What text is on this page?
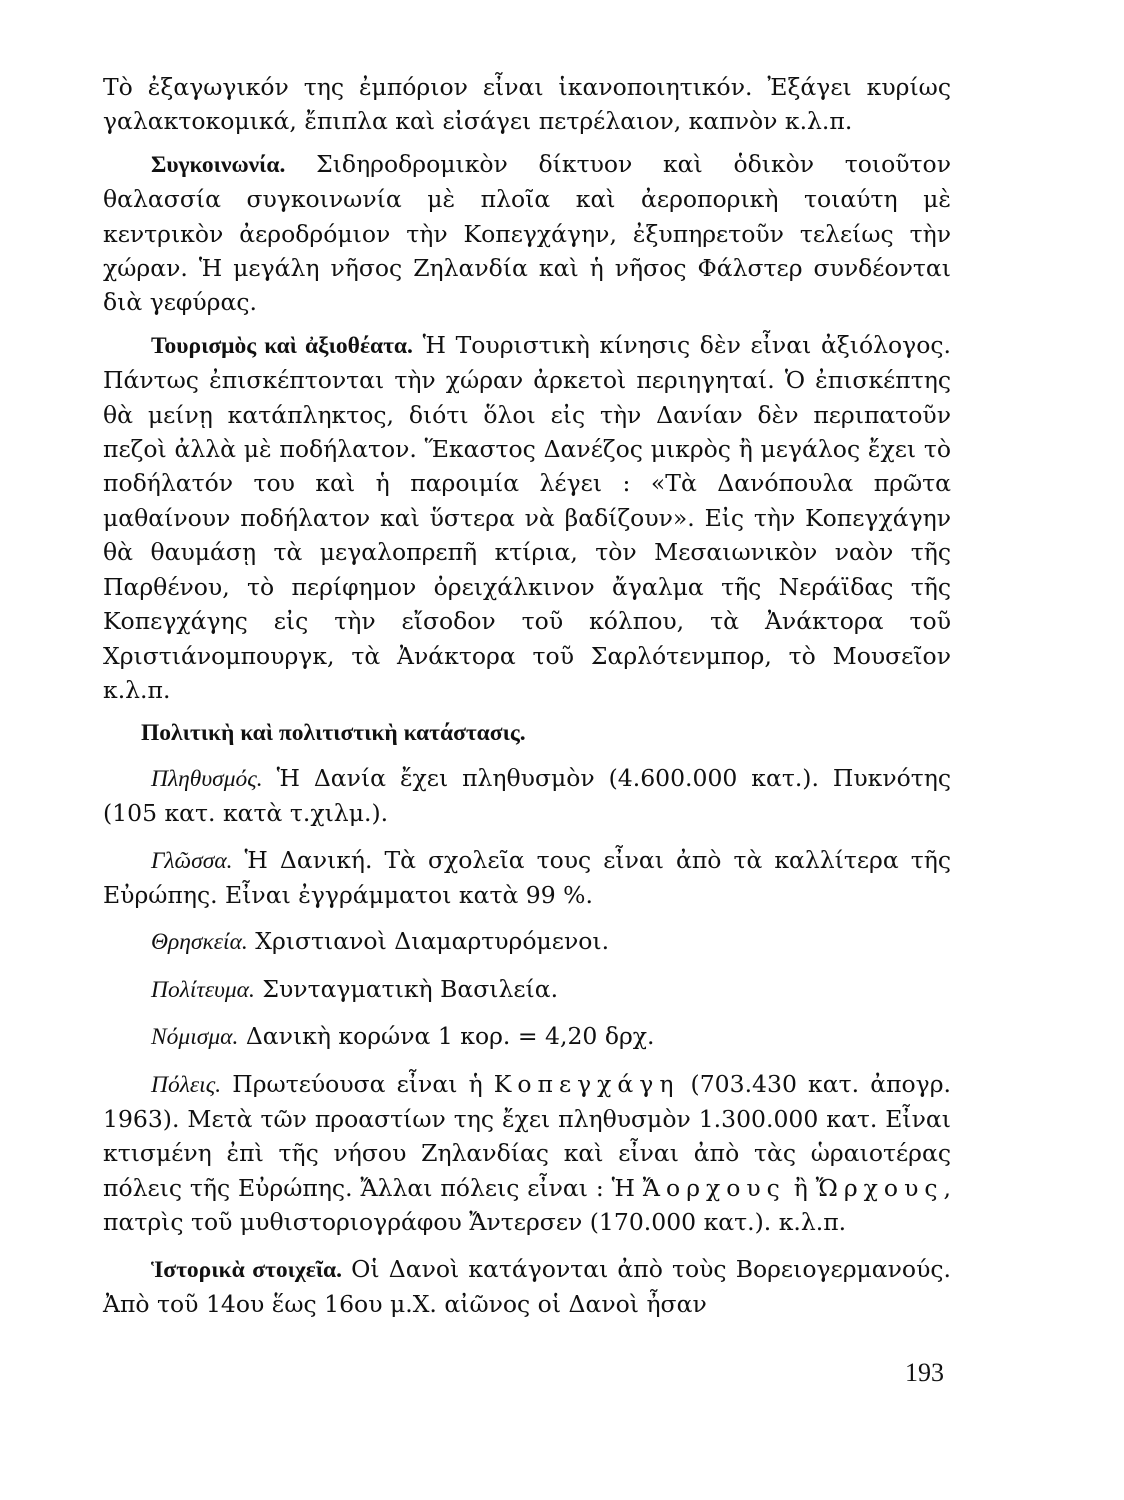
Τὸ ἐξαγωγικόν της ἐμπόριον εἶναι ἱκανοποιητικόν. Ἐξάγει κυρίως γαλακτοκομικά, ἔπιπλα καὶ εἰσάγει πετρέλαιον, καπνὸν κ.λ.π.

Συγκοινωνία. Σιδηροδρομικὸν δίκτυον καὶ ὁδικὸν τοιοῦτον θαλασσία συγκοινωνία μὲ πλοῖα καὶ ἀεροπορικὴ τοιαύτη μὲ κεντρικὸν ἀεροδρόμιον τὴν Κοπεγχάγην, ἐξυπηρετοῦν τελείως τὴν χώραν. Ἡ μεγάλη νῆσος Ζηλανδία καὶ ἡ νῆσος Φάλστερ συνδέονται διὰ γεφύρας.

Τουρισμὸς καὶ ἀξιοθέατα. Ἡ Τουριστικὴ κίνησις δὲν εἶναι ἀξιόλογος. Πάντως ἐπισκέπτονται τὴν χώραν ἀρκετοὶ περιηγηταί. Ὁ ἐπισκέπτης θὰ μείνῃ κατάπληκτος, διότι ὅλοι εἰς τὴν Δανίαν δὲν περιπατοῦν πεζοὶ ἀλλὰ μὲ ποδήλατον. Ἕκαστος Δανέζος μικρὸς ἢ μεγάλος ἔχει τὸ ποδήλατόν του καὶ ἡ παροιμία λέγει : «Τὰ Δανόπουλα πρῶτα μαθαίνουν ποδήλατον καὶ ὕστερα νὰ βαδίζουν». Εἰς τὴν Κοπεγχάγην θὰ θαυμάσῃ τὰ μεγαλοπρεπῆ κτίρια, τὸν Μεσαιωνικὸν ναὸν τῆς Παρθένου, τὸ περίφημον ὀρειχάλκινον ἄγαλμα τῆς Νεράϊδας τῆς Κοπεγχάγης εἰς τὴν εἴσοδον τοῦ κόλπου, τὰ Ἀνάκτορα τοῦ Χριστιάνομπουργκ, τὰ Ἀνάκτορα τοῦ Σαρλότενμπορ, τὸ Μουσεῖον κ.λ.π.

Πολιτικὴ καὶ πολιτιστικὴ κατάστασις.

Πληθυσμός. Ἡ Δανία ἔχει πληθυσμὸν (4.600.000 κατ.). Πυκνότης (105 κατ. κατὰ τ.χιλμ.).

Γλῶσσα. Ἡ Δανική. Τὰ σχολεῖα τους εἶναι ἀπὸ τὰ καλλίτερα τῆς Εὐρώπης. Εἶναι ἐγγράμματοι κατὰ 99 %.

Θρησκεία. Χριστιανοὶ Διαμαρτυρόμενοι.

Πολίτευμα. Συνταγματικὴ Βασιλεία.

Νόμισμα. Δανικὴ κορώνα 1 κορ. = 4,20 δρχ.

Πόλεις. Πρωτεύουσα εἶναι ἡ Κοπεγχάγη (703.430 κατ. ἀπογρ. 1963). Μετὰ τῶν προαστίων της ἔχει πληθυσμὸν 1.300.000 κατ. Εἶναι κτισμένη ἐπὶ τῆς νήσου Ζηλανδίας καὶ εἶναι ἀπὸ τὰς ὡραιοτέρας πόλεις τῆς Εὐρώπης. Ἄλλαι πόλεις εἶναι : Ἡ Ἄορχους ἢ Ὤρχους, πατρὶς τοῦ μυθιστοριογράφου Ἄντερσεν (170.000 κατ.). κ.λ.π.

Ἱστορικὰ στοιχεῖα. Οἱ Δανοὶ κατάγονται ἀπὸ τοὺς Βορειογερμανούς. Ἀπὸ τοῦ 14ου ἕως 16ου μ.Χ. αἰῶνος οἱ Δανοὶ ἦσαν

193
